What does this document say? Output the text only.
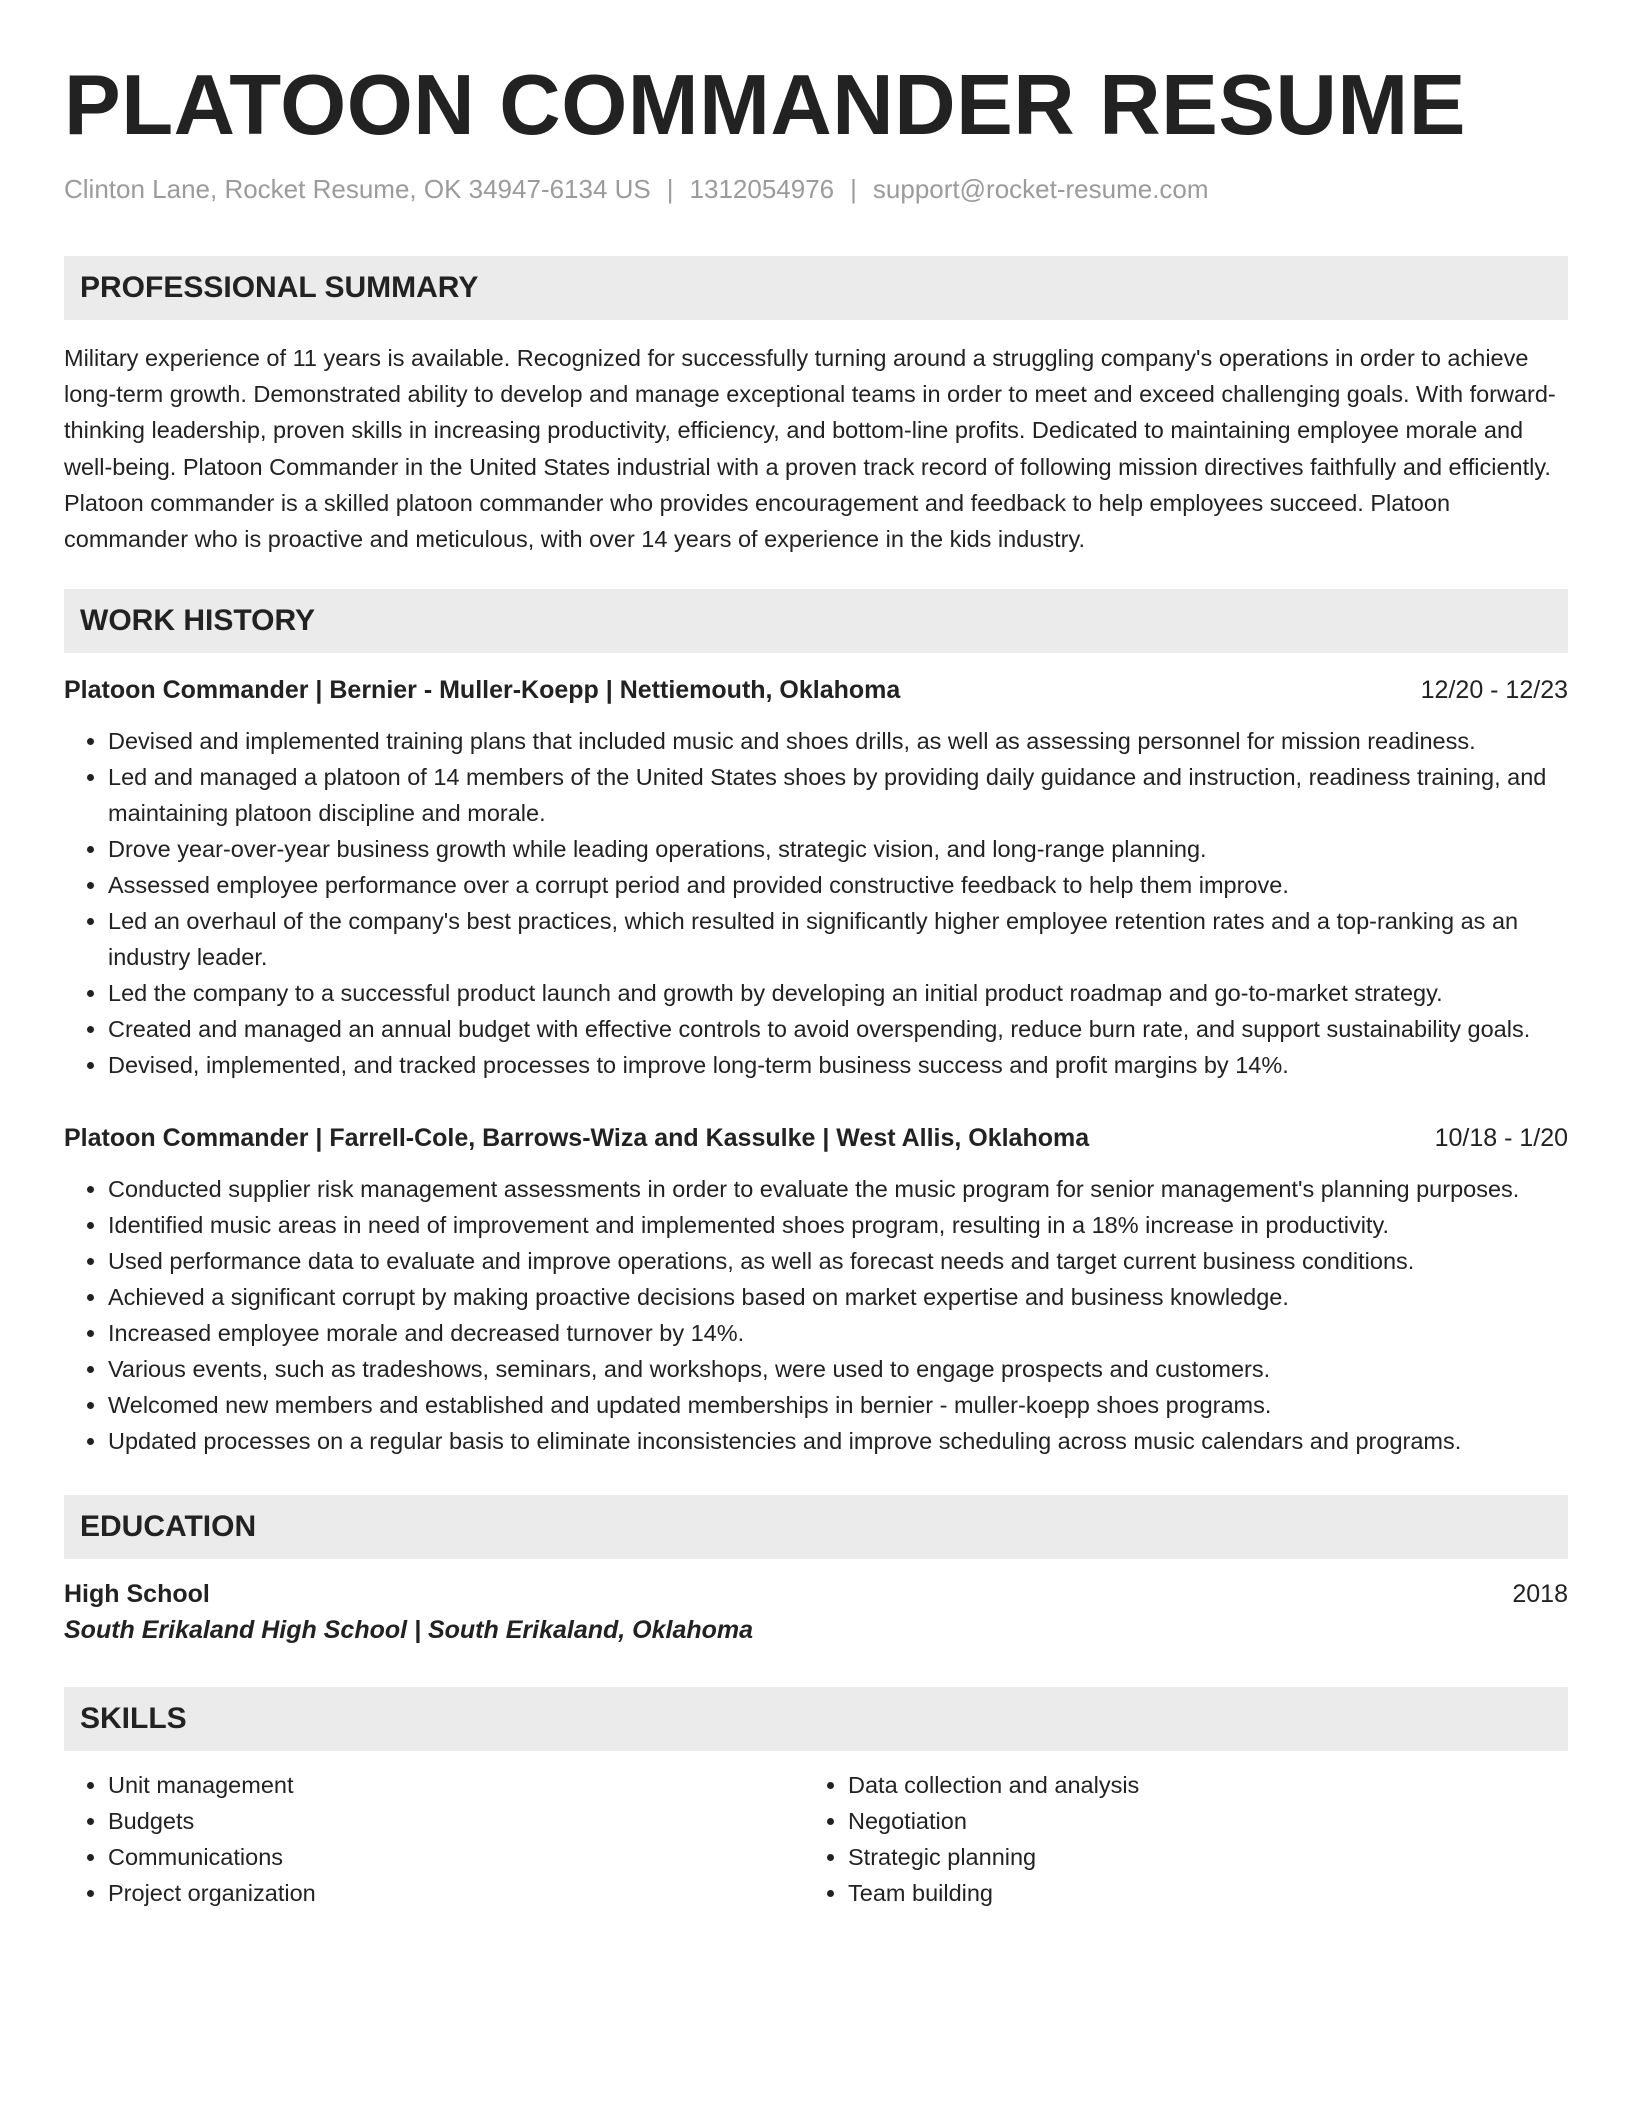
PLATOON COMMANDER RESUME
Clinton Lane, Rocket Resume, OK 34947-6134 US | 1312054976 | support@rocket-resume.com
PROFESSIONAL SUMMARY

Military experience of 11 years is available. Recognized for successfully turning around a struggling company's operations in order to achieve long-term growth. Demonstrated ability to develop and manage exceptional teams in order to meet and exceed challenging goals. With forward-thinking leadership, proven skills in increasing productivity, efficiency, and bottom-line profits. Dedicated to maintaining employee morale and well-being. Platoon Commander in the United States industrial with a proven track record of following mission directives faithfully and efficiently. Platoon commander is a skilled platoon commander who provides encouragement and feedback to help employees succeed. Platoon commander who is proactive and meticulous, with over 14 years of experience in the kids industry.

WORK HISTORY
Platoon Commander | Bernier - Muller-Koepp | Nettiemouth, Oklahoma	12/20 - 12/23
• Devised and implemented training plans that included music and shoes drills, as well as assessing personnel for mission readiness.
• Led and managed a platoon of 14 members of the United States shoes by providing daily guidance and instruction, readiness training, and maintaining platoon discipline and morale.
• Drove year-over-year business growth while leading operations, strategic vision, and long-range planning.
• Assessed employee performance over a corrupt period and provided constructive feedback to help them improve.
• Led an overhaul of the company's best practices, which resulted in significantly higher employee retention rates and a top-ranking as an industry leader.
• Led the company to a successful product launch and growth by developing an initial product roadmap and go-to-market strategy.
• Created and managed an annual budget with effective controls to avoid overspending, reduce burn rate, and support sustainability goals.
• Devised, implemented, and tracked processes to improve long-term business success and profit margins by 14%.
Platoon Commander | Farrell-Cole, Barrows-Wiza and Kassulke | West Allis, Oklahoma	10/18 - 1/20
• Conducted supplier risk management assessments in order to evaluate the music program for senior management's planning purposes.
• Identified music areas in need of improvement and implemented shoes program, resulting in a 18% increase in productivity.
• Used performance data to evaluate and improve operations, as well as forecast needs and target current business conditions.
• Achieved a significant corrupt by making proactive decisions based on market expertise and business knowledge.
• Increased employee morale and decreased turnover by 14%.
• Various events, such as tradeshows, seminars, and workshops, were used to engage prospects and customers.
• Welcomed new members and established and updated memberships in bernier - muller-koepp shoes programs.
• Updated processes on a regular basis to eliminate inconsistencies and improve scheduling across music calendars and programs.
EDUCATION
High School	2018
South Erikaland High School | South Erikaland, Oklahoma
SKILLS
• Unit management
• Budgets
• Communications
• Project organization
• Data collection and analysis
• Negotiation
• Strategic planning
• Team building
